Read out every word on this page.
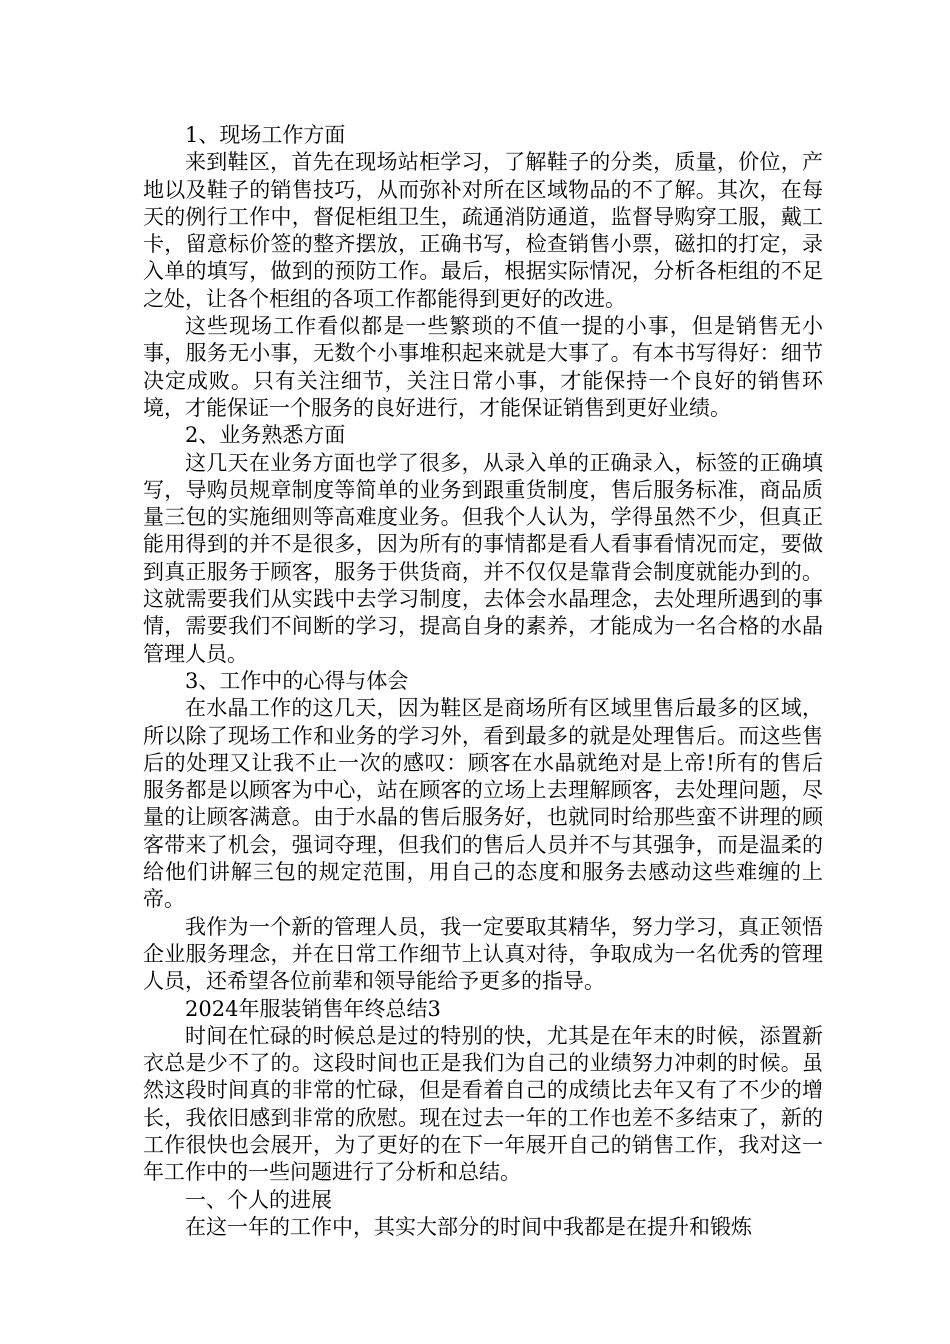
1、现场工作方面

来到鞋区，首先在现场站柜学习，了解鞋子的分类，质量，价位，产地以及鞋子的销售技巧，从而弥补对所在区域物品的不了解。其次，在每天的例行工作中，督促柜组卫生，疏通消防通道，监督导购穿工服，戴工卡，留意标价签的整齐摆放，正确书写，检查销售小票，磁扣的打定，录入单的填写，做到的预防工作。最后，根据实际情况，分析各柜组的不足之处，让各个柜组的各项工作都能得到更好的改进。

这些现场工作看似都是一些繁琐的不值一提的小事，但是销售无小事，服务无小事，无数个小事堆积起来就是大事了。有本书写得好：细节决定成败。只有关注细节，关注日常小事，才能保持一个良好的销售环境，才能保证一个服务的良好进行，才能保证销售到更好业绩。

2、业务熟悉方面

这几天在业务方面也学了很多，从录入单的正确录入，标签的正确填写，导购员规章制度等简单的业务到跟重货制度，售后服务标准，商品质量三包的实施细则等高难度业务。但我个人认为，学得虽然不少，但真正能用得到的并不是很多，因为所有的事情都是看人看事看情况而定，要做到真正服务于顾客，服务于供货商，并不仅仅是靠背会制度就能办到的。这就需要我们从实践中去学习制度，去体会水晶理念，去处理所遇到的事情，需要我们不间断的学习，提高自身的素养，才能成为一名合格的水晶管理人员。

3、工作中的心得与体会

在水晶工作的这几天，因为鞋区是商场所有区域里售后最多的区域，所以除了现场工作和业务的学习外，看到最多的就是处理售后。而这些售后的处理又让我不止一次的感叹：顾客在水晶就绝对是上帝!所有的售后服务都是以顾客为中心，站在顾客的立场上去理解顾客，去处理问题，尽量的让顾客满意。由于水晶的售后服务好，也就同时给那些蛮不讲理的顾客带来了机会，强词夺理，但我们的售后人员并不与其强争，而是温柔的给他们讲解三包的规定范围，用自己的态度和服务去感动这些难缠的上帝。

我作为一个新的管理人员，我一定要取其精华，努力学习，真正领悟企业服务理念，并在日常工作细节上认真对待，争取成为一名优秀的管理人员，还希望各位前辈和领导能给予更多的指导。

2024年服装销售年终总结3

时间在忙碌的时候总是过的特别的快，尤其是在年末的时候，添置新衣总是少不了的。这段时间也正是我们为自己的业绩努力冲刺的时候。虽然这段时间真的非常的忙碌，但是看着自己的成绩比去年又有了不少的增长，我依旧感到非常的欣慰。现在过去一年的工作也差不多结束了，新的工作很快也会展开，为了更好的在下一年展开自己的销售工作，我对这一年工作中的一些问题进行了分析和总结。

一、个人的进展

在这一年的工作中，其实大部分的时间中我都是在提升和锻炼
